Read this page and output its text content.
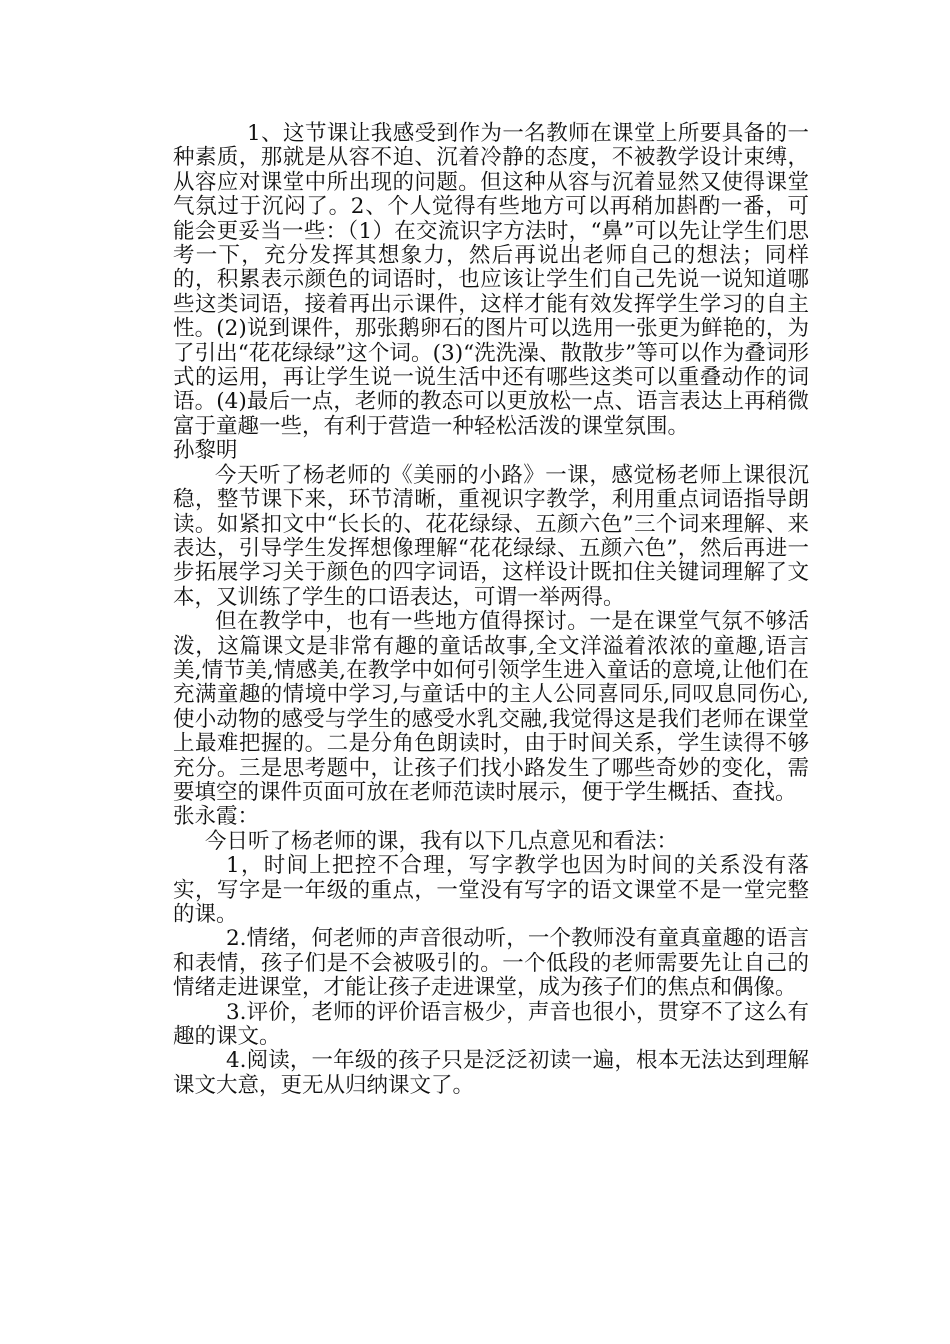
1、这节课让我感受到作为一名教师在课堂上所要具备的一种素质，那就是从容不迫、沉着冷静的态度，不被教学设计束缚，从容应对课堂中所出现的问题。但这种从容与沉着显然又使得课堂气氛过于沉闷了。2、个人觉得有些地方可以再稍加斟酌一番，可能会更妥当一些：（1）在交流识字方法时，“鼻”可以先让学生们思考一下，充分发挥其想象力，然后再说出老师自己的想法；同样的，积累表示颜色的词语时，也应该让学生们自己先说一说知道哪些这类词语，接着再出示课件，这样才能有效发挥学生学习的自主性。(2)说到课件，那张鹅卵石的图片可以选用一张更为鲜艳的，为了引出“花花绿绿”这个词。(3)“洗洗澡、散散步”等可以作为叠词形式的运用，再让学生说一说生活中还有哪些这类可以重叠动作的词语。(4)最后一点，老师的教态可以更放松一点、语言表达上再稍微富于童趣一些，有利于营造一种轻松活泼的课堂氛围。

孙黎明

今天听了杨老师的《美丽的小路》一课，感觉杨老师上课很沉稳，整节课下来，环节清晰，重视识字教学，利用重点词语指导朗读。如紧扣文中“长长的、花花绿绿、五颜六色”三个词来理解、来表达，引导学生发挥想像理解“花花绿绿、五颜六色”，然后再进一步拓展学习关于颜色的四字词语，这样设计既扣住关键词理解了文本，又训练了学生的口语表达，可谓一举两得。

但在教学中，也有一些地方值得探讨。一是在课堂气氛不够活泼，这篇课文是非常有趣的童话故事,全文洋溢着浓浓的童趣,语言美,情节美,情感美,在教学中如何引领学生进入童话的意境,让他们在充满童趣的情境中学习,与童话中的主人公同喜同乐,同叹息同伤心,使小动物的感受与学生的感受水乳交融,我觉得这是我们老师在课堂上最难把握的。二是分角色朗读时，由于时间关系，学生读得不够充分。三是思考题中，让孩子们找小路发生了哪些奇妙的变化，需要填空的课件页面可放在老师范读时展示，便于学生概括、查找。

张永霞：

今日听了杨老师的课，我有以下几点意见和看法：

1，时间上把控不合理，写字教学也因为时间的关系没有落实，写字是一年级的重点，一堂没有写字的语文课堂不是一堂完整的课。

2.情绪，何老师的声音很动听，一个教师没有童真童趣的语言和表情，孩子们是不会被吸引的。一个低段的老师需要先让自己的情绪走进课堂，才能让孩子走进课堂，成为孩子们的焦点和偶像。

3.评价，老师的评价语言极少，声音也很小，贯穿不了这么有趣的课文。

4.阅读，一年级的孩子只是泛泛初读一遍，根本无法达到理解课文大意，更无从归纳课文了。
